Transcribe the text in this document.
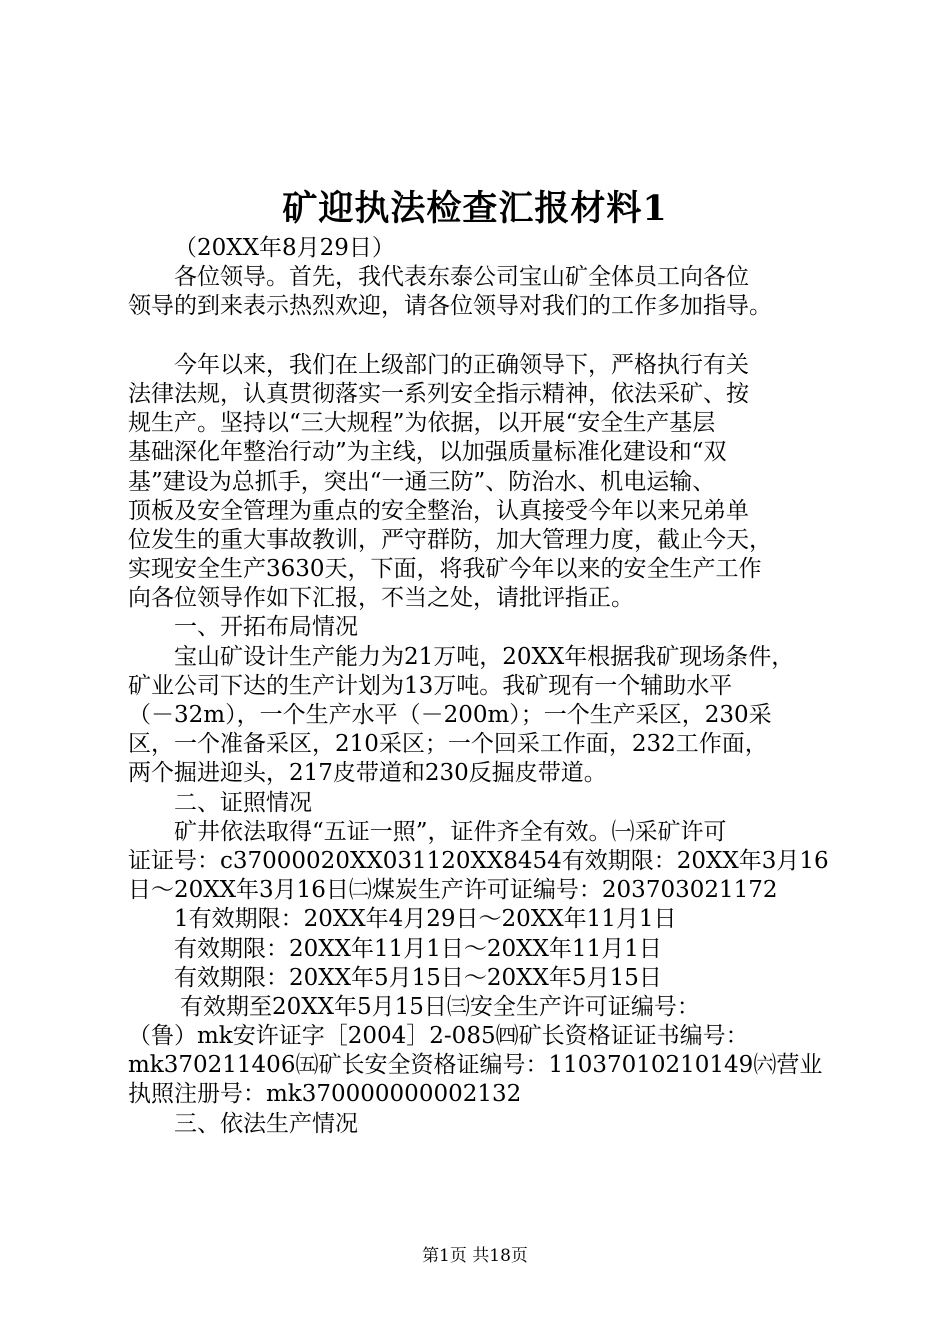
矿迎执法检查汇报材料1
（20XX年8月29日）
各位领导。首先，我代表东泰公司宝山矿全体员工向各位
领导的到来表示热烈欢迎，请各位领导对我们的工作多加指导。
今年以来，我们在上级部门的正确领导下，严格执行有关
法律法规，认真贯彻落实一系列安全指示精神，依法采矿、按
规生产。坚持以“三大规程”为依据，以开展“安全生产基层
基础深化年整治行动”为主线，以加强质量标准化建设和“双
基”建设为总抓手，突出“一通三防”、防治水、机电运输、
顶板及安全管理为重点的安全整治，认真接受今年以来兄弟单
位发生的重大事故教训，严守群防，加大管理力度，截止今天，
实现安全生产3630天，下面，将我矿今年以来的安全生产工作
向各位领导作如下汇报，不当之处，请批评指正。
一、开拓布局情况
宝山矿设计生产能力为21万吨，20XX年根据我矿现场条件，
矿业公司下达的生产计划为13万吨。我矿现有一个辅助水平
（－32m），一个生产水平（－200m）；一个生产采区，230采
区，一个准备采区，210采区；一个回采工作面，232工作面，
两个掘进迎头，217皮带道和230反掘皮带道。
二、证照情况
矿井依法取得“五证一照”，证件齐全有效。㈠采矿许可
证证号：c37000020XX031120XX8454有效期限：20XX年3月16
日～20XX年3月16日㈡煤炭生产许可证编号：203703021172
1有效期限：20XX年4月29日～20XX年11月1日
有效期限：20XX年11月1日～20XX年11月1日
有效期限：20XX年5月15日～20XX年5月15日
有效期至20XX年5月15日㈢安全生产许可证编号：
（鲁）mk安许证字［2004］2-085㈣矿长资格证证书编号：
mk370211406㈤矿长安全资格证编号：11037010210149㈥营业
执照注册号：mk370000000002132
三、依法生产情况
第1页 共18页
